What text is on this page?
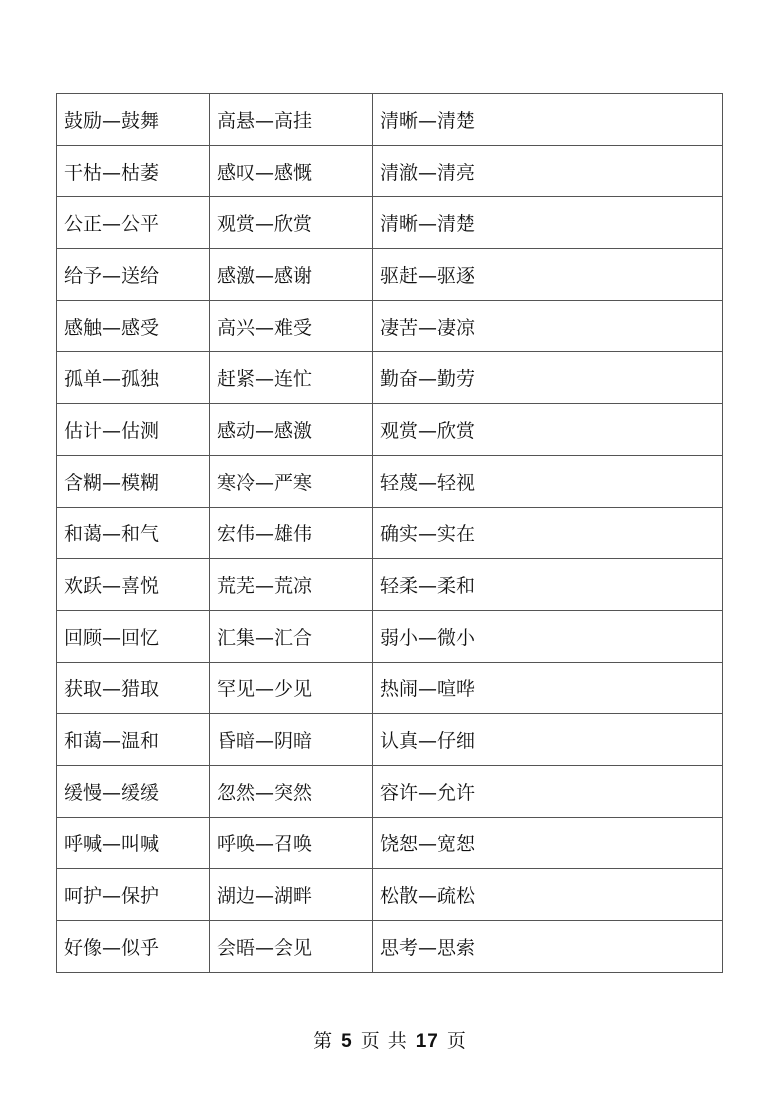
鼓励—鼓舞	高悬—高挂	清晰—清楚
干枯—枯萎	感叹—感慨	清澈—清亮
公正—公平	观赏—欣赏	清晰—清楚
给予—送给	感激—感谢	驱赶—驱逐
感触—感受	高兴—难受	凄苦—凄凉
孤单—孤独	赶紧—连忙	勤奋—勤劳
估计—估测	感动—感激	观赏—欣赏
含糊—模糊	寒冷—严寒	轻蔑—轻视
和蔼—和气	宏伟—雄伟	确实—实在
欢跃—喜悦	荒芜—荒凉	轻柔—柔和
回顾—回忆	汇集—汇合	弱小—微小
获取—猎取	罕见—少见	热闹—喧哗
和蔼—温和	昏暗—阴暗	认真—仔细
缓慢—缓缓	忽然—突然	容许—允许
呼喊—叫喊	呼唤—召唤	饶恕—宽恕
呵护—保护	湖边—湖畔	松散—疏松
好像—似乎	会晤—会见	思考—思索
第 5 页 共 17 页
